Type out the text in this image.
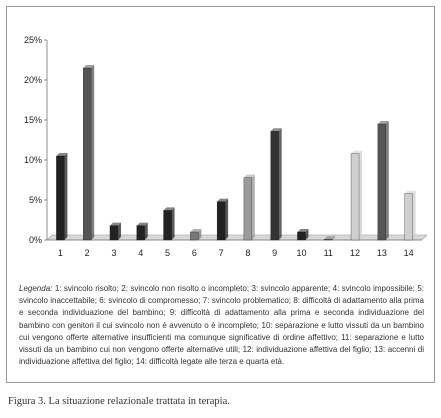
0%
5%
10%
15%
20%
25%
1 2 3 4 5 6 7 8 9 10 11 12 13 14
Legenda: 1: svincolo risolto; 2: svincolo non risolto o incompleto; 3: svincolo apparente; 4: svincolo impossibile; 5: svincolo inaccettabile; 6: svincolo di compromesso; 7: svincolo problematico; 8: difficoltà di adattamento alla prima e seconda individuazione del bambino; 9: difficoltà di adattamento alla prima e seconda individuazione del bambino con genitori il cui svincolo non è avvenuto o è incompleto; 10: separazione e lutto vissuti da un bambino cui vengono offerte alternative insufficienti ma comunque significative di ordine affettivo; 11: separazione e lutto vissuti da un bambino cui non vengono offerte alternative utili; 12: individuazione affettiva del figlio; 13: accenni di individuazione affettiva del figlio; 14: difficoltà legate alle terza e quarta età.
Figura 3. La situazione relazionale trattata in terapia.
